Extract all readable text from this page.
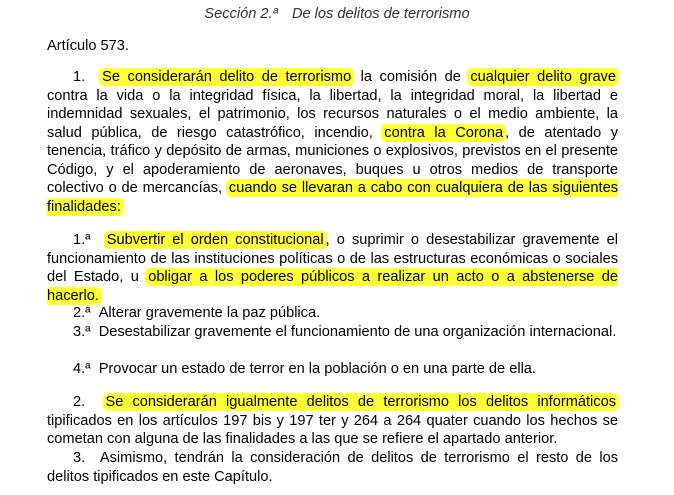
Sección 2.ª De los delitos de terrorismo
Artículo 573.
1. Se considerarán delito de terrorismo la comisión de cualquier delito grave contra la vida o la integridad física, la libertad, la integridad moral, la libertad e indemnidad sexuales, el patrimonio, los recursos naturales o el medio ambiente, la salud pública, de riesgo catastrófico, incendio, contra la Corona , de atentado y tenencia, tráfico y depósito de armas, municiones o explosivos, previstos en el presente Código, y el apoderamiento de aeronaves, buques u otros medios de transporte colectivo o de mercancías, cuando se llevaran a cabo con cualquiera de las siguientes finalidades:
1.ª Subvertir el orden constitucional , o suprimir o desestabilizar gravemente el funcionamiento de las instituciones políticas o de las estructuras económicas o sociales del Estado, u obligar a los poderes públicos a realizar un acto o a abstenerse de hacerlo.
2.ª Alterar gravemente la paz pública.
3.ª Desestabilizar gravemente el funcionamiento de una organización internacional.
4.ª Provocar un estado de terror en la población o en una parte de ella.
2. Se considerarán igualmente delitos de terrorismo los delitos informáticos tipificados en los artículos 197 bis y 197 ter y 264 a 264 quater cuando los hechos se cometan con alguna de las finalidades a las que se refiere el apartado anterior.
3. Asimismo, tendrán la consideración de delitos de terrorismo el resto de los delitos tipificados en este Capítulo.
